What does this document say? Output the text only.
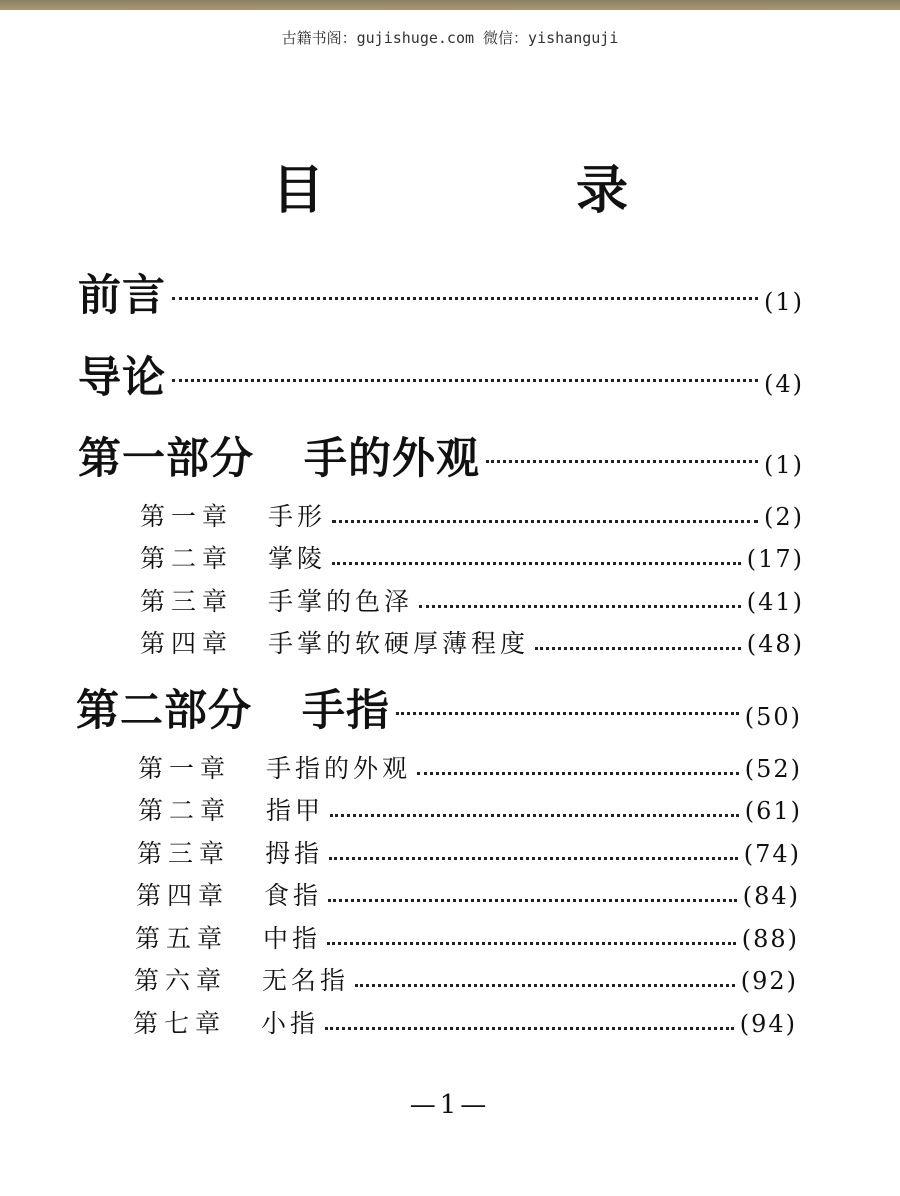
古籍书阁：gujishuge.com 微信：yishanguji
目　录
前言	(1)
导论	(4)
第一部分 手的外观	(1)
第一章 手形	(2)
第二章 掌陵	(17)
第三章 手掌的色泽	(41)
第四章 手掌的软硬厚薄程度	(48)
第二部分 手指	(50)
第一章 手指的外观	(52)
第二章 指甲	(61)
第三章 拇指	(74)
第四章 食指	(84)
第五章 中指	(88)
第六章 无名指	(92)
第七章 小指	(94)
—1—
